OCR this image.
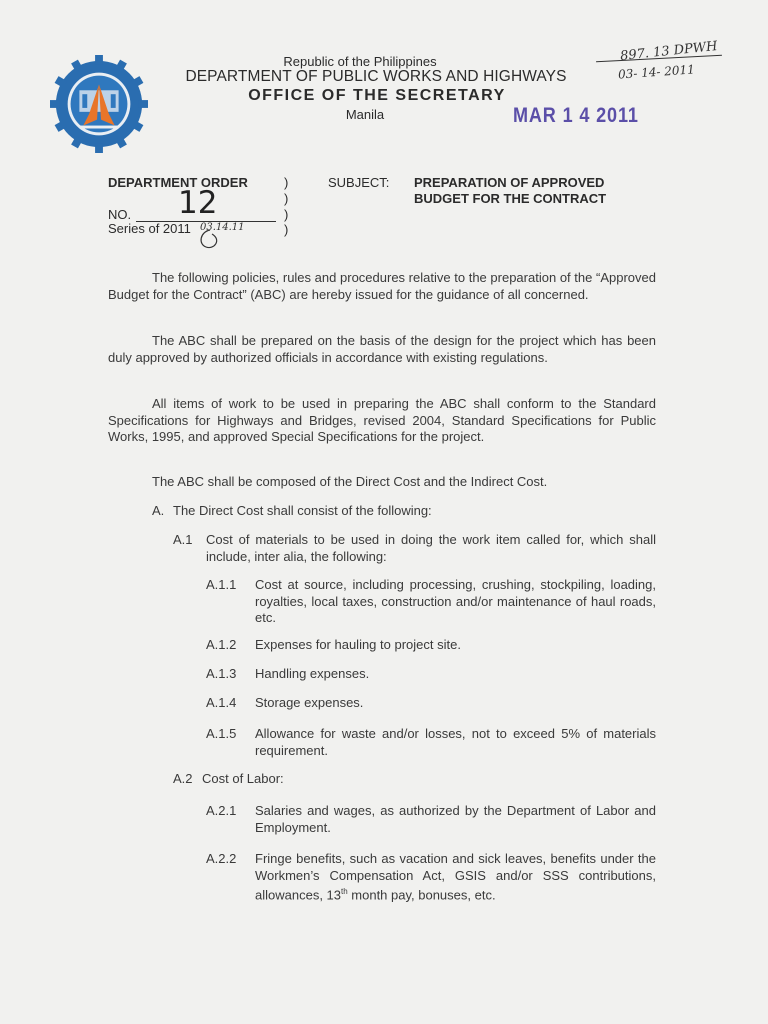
Republic of the Philippines
DEPARTMENT OF PUBLIC WORKS AND HIGHWAYS
OFFICE OF THE SECRETARY
Manila	MAR 1 4 2011
897. 13 DPWH
03- 14- 2011
DEPARTMENT ORDER	)
)
NO. 12	)
Series of 2011 03.14.11	)
SUBJECT: PREPARATION OF APPROVED
BUDGET FOR THE CONTRACT
The following policies, rules and procedures relative to the preparation of the “Approved Budget for the Contract” (ABC) are hereby issued for the guidance of all concerned.
The ABC shall be prepared on the basis of the design for the project which has been duly approved by authorized officials in accordance with existing regulations.
All items of work to be used in preparing the ABC shall conform to the Standard Specifications for Highways and Bridges, revised 2004, Standard Specifications for Public Works, 1995, and approved Special Specifications for the project.
The ABC shall be composed of the Direct Cost and the Indirect Cost.
A. The Direct Cost shall consist of the following:
A.1 Cost of materials to be used in doing the work item called for, which shall include, inter alia, the following:
A.1.1 Cost at source, including processing, crushing, stockpiling, loading, royalties, local taxes, construction and/or maintenance of haul roads, etc.
A.1.2 Expenses for hauling to project site.
A.1.3 Handling expenses.
A.1.4 Storage expenses.
A.1.5 Allowance for waste and/or losses, not to exceed 5% of materials requirement.
A.2 Cost of Labor:
A.2.1 Salaries and wages, as authorized by the Department of Labor and Employment.
A.2.2 Fringe benefits, such as vacation and sick leaves, benefits under the Workmen’s Compensation Act, GSIS and/or SSS contributions, allowances, 13th month pay, bonuses, etc.
